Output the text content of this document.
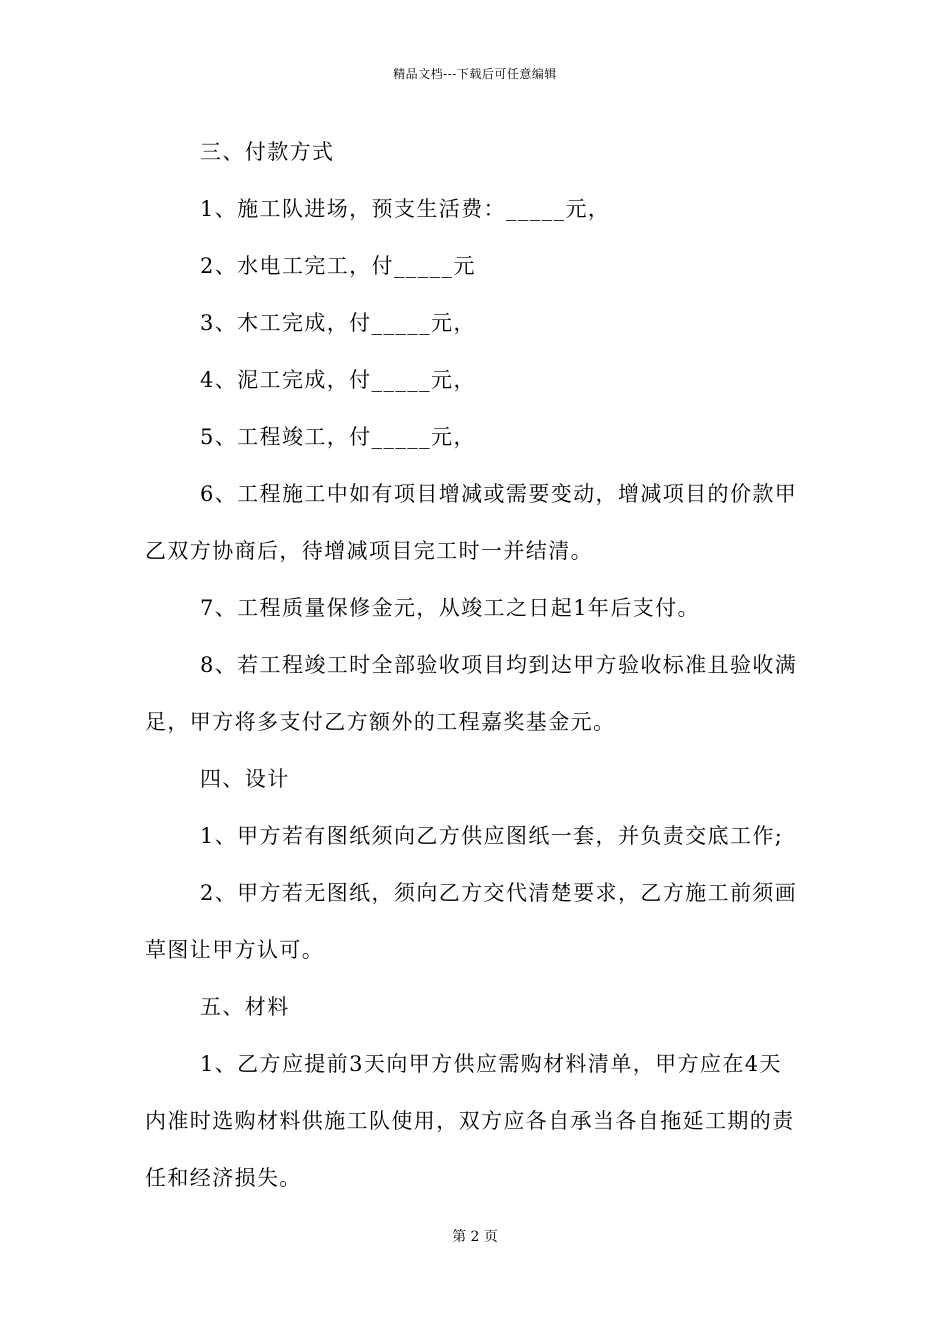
精品文档---下载后可任意编辑
三、付款方式
1、施工队进场，预支生活费：_____元，
2、水电工完工，付_____元
3、木工完成，付_____元，
4、泥工完成，付_____元，
5、工程竣工，付_____元，
6、工程施工中如有项目增减或需要变动，增减项目的价款甲
乙双方协商后，待增减项目完工时一并结清。
7、工程质量保修金元，从竣工之日起1年后支付。
8、若工程竣工时全部验收项目均到达甲方验收标准且验收满
足，甲方将多支付乙方额外的工程嘉奖基金元。
四、设计
1、甲方若有图纸须向乙方供应图纸一套，并负责交底工作;
2、甲方若无图纸，须向乙方交代清楚要求，乙方施工前须画
草图让甲方认可。
五、材料
1、乙方应提前3天向甲方供应需购材料清单，甲方应在4天
内准时选购材料供施工队使用，双方应各自承当各自拖延工期的责
任和经济损失。
第 2 页
